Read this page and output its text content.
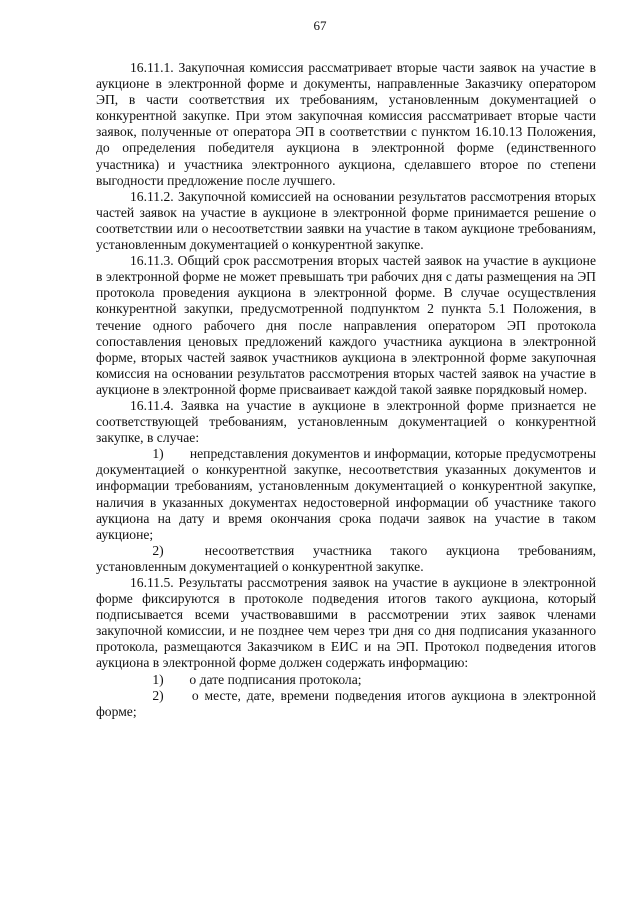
67

16.11.1. Закупочная комиссия рассматривает вторые части заявок на участие в аукционе в электронной форме и документы, направленные Заказчику оператором ЭП, в части соответствия их требованиям, установленным документацией о конкурентной закупке. При этом закупочная комиссия рассматривает вторые части заявок, полученные от оператора ЭП в соответствии с пунктом 16.10.13 Положения, до определения победителя аукциона в электронной форме (единственного участника) и участника электронного аукциона, сделавшего второе по степени выгодности предложение после лучшего.

16.11.2. Закупочной комиссией на основании результатов рассмотрения вторых частей заявок на участие в аукционе в электронной форме принимается решение о соответствии или о несоответствии заявки на участие в таком аукционе требованиям, установленным документацией о конкурентной закупке.

16.11.3. Общий срок рассмотрения вторых частей заявок на участие в аукционе в электронной форме не может превышать три рабочих дня с даты размещения на ЭП протокола проведения аукциона в электронной форме. В случае осуществления конкурентной закупки, предусмотренной подпунктом 2 пункта 5.1 Положения, в течение одного рабочего дня после направления оператором ЭП протокола сопоставления ценовых предложений каждого участника аукциона в электронной форме, вторых частей заявок участников аукциона в электронной форме закупочная комиссия на основании результатов рассмотрения вторых частей заявок на участие в аукционе в электронной форме присваивает каждой такой заявке порядковый номер.

16.11.4. Заявка на участие в аукционе в электронной форме признается не соответствующей требованиям, установленным документацией о конкурентной закупке, в случае:

1) непредставления документов и информации, которые предусмотрены документацией о конкурентной закупке, несоответствия указанных документов и информации требованиям, установленным документацией о конкурентной закупке, наличия в указанных документах недостоверной информации об участнике такого аукциона на дату и время окончания срока подачи заявок на участие в таком аукционе;

2)	несоответствия участника такого аукциона требованиям, установленным документацией о конкурентной закупке.

16.11.5. Результаты рассмотрения заявок на участие в аукционе в электронной форме фиксируются в протоколе подведения итогов такого аукциона, который подписывается всеми участвовавшими в рассмотрении этих заявок членами закупочной комиссии, и не позднее чем через три дня со дня подписания указанного протокола, размещаются Заказчиком в ЕИС и на ЭП. Протокол подведения итогов аукциона в электронной форме должен содержать информацию:

1) о дате подписания протокола;

2) о месте, дате, времени подведения итогов аукциона в электронной форме;
